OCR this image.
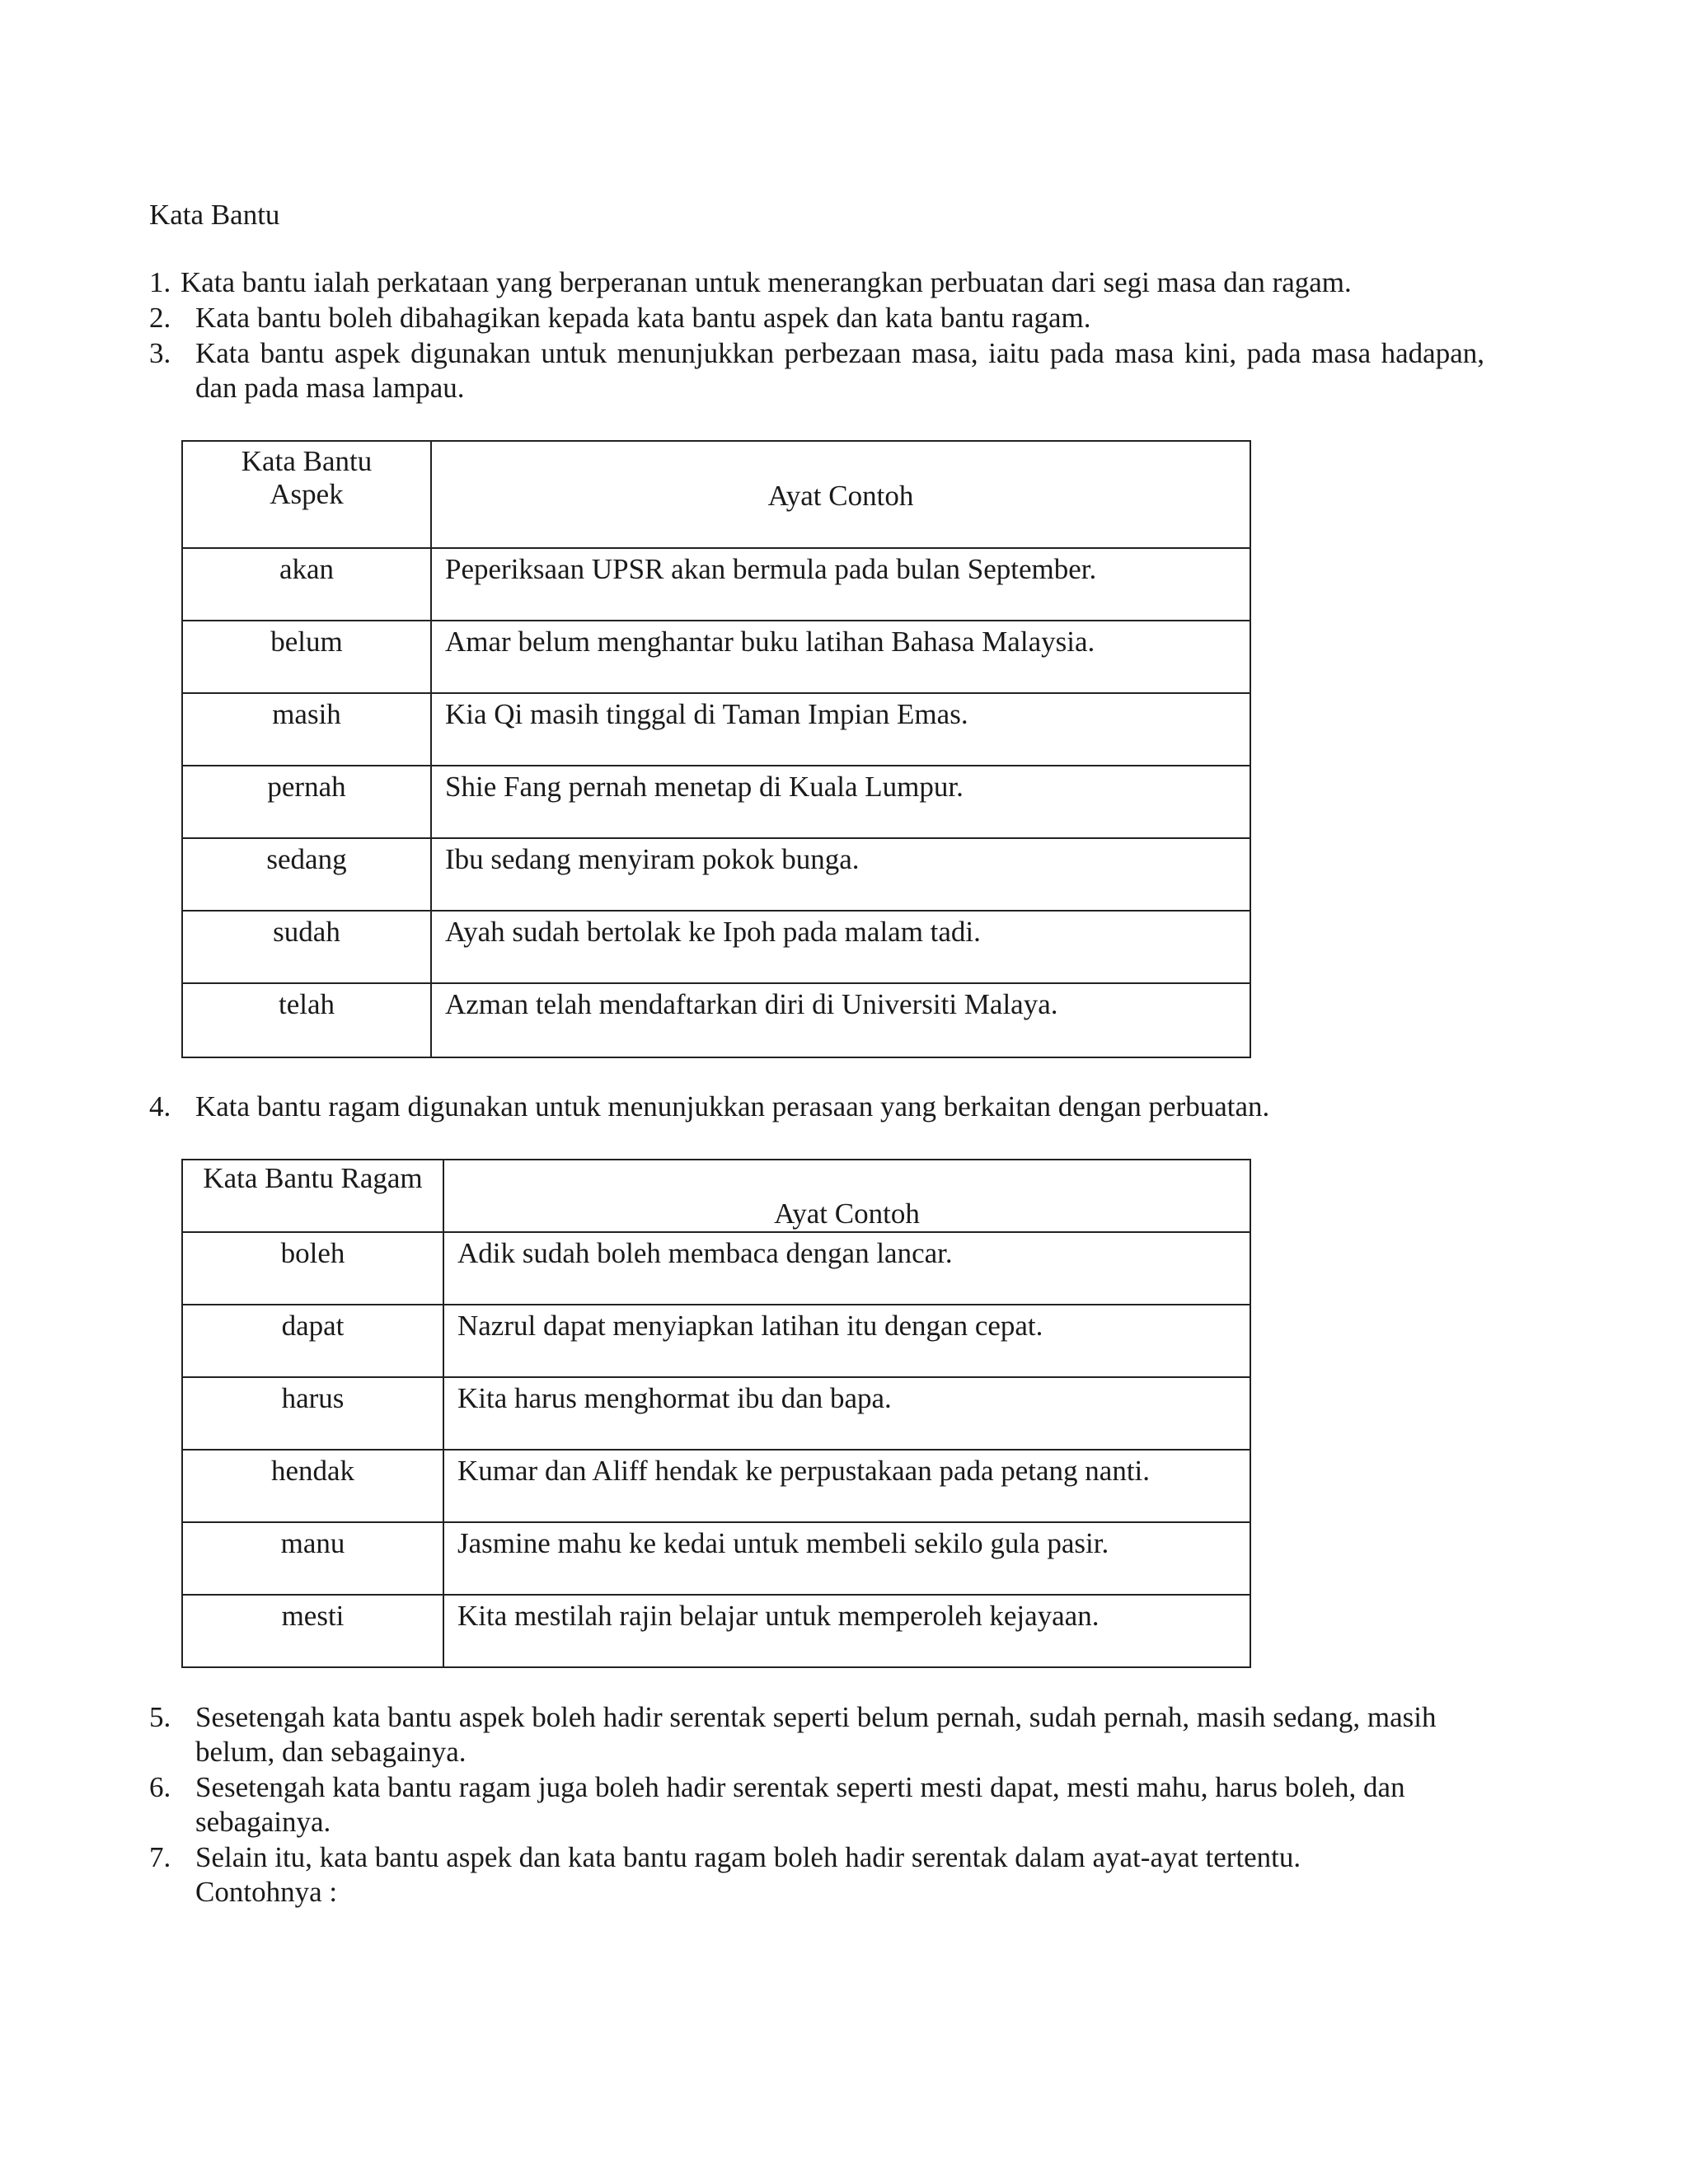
Kata Bantu
1. Kata bantu ialah perkataan yang berperanan untuk menerangkan perbuatan dari segi masa dan ragam.
2. Kata bantu boleh dibahagikan kepada kata bantu aspek dan kata bantu ragam.
3. Kata bantu aspek digunakan untuk menunjukkan perbezaan masa, iaitu pada masa kini, pada masa hadapan, dan pada masa lampau.
Kata Bantu
Aspek	Ayat Contoh
akan	Peperiksaan UPSR akan bermula pada bulan September.
belum	Amar belum menghantar buku latihan Bahasa Malaysia.
masih	Kia Qi masih tinggal di Taman Impian Emas.
pernah	Shie Fang pernah menetap di Kuala Lumpur.
sedang	Ibu sedang menyiram pokok bunga.
sudah	Ayah sudah bertolak ke Ipoh pada malam tadi.
telah	Azman telah mendaftarkan diri di Universiti Malaya.
4. Kata bantu ragam digunakan untuk menunjukkan perasaan yang berkaitan dengan perbuatan.
Kata Bantu Ragam	Ayat Contoh
boleh	Adik sudah boleh membaca dengan lancar.
dapat	Nazrul dapat menyiapkan latihan itu dengan cepat.
harus	Kita harus menghormat ibu dan bapa.
hendak	Kumar dan Aliff hendak ke perpustakaan pada petang nanti.
manu	Jasmine mahu ke kedai untuk membeli sekilo gula pasir.
mesti	Kita mestilah rajin belajar untuk memperoleh kejayaan.
5. Sesetengah kata bantu aspek boleh hadir serentak seperti belum pernah, sudah pernah, masih sedang, masih belum, dan sebagainya.
6. Sesetengah kata bantu ragam juga boleh hadir serentak seperti mesti dapat, mesti mahu, harus boleh, dan sebagainya.
7. Selain itu, kata bantu aspek dan kata bantu ragam boleh hadir serentak dalam ayat-ayat tertentu.
Contohnya :
